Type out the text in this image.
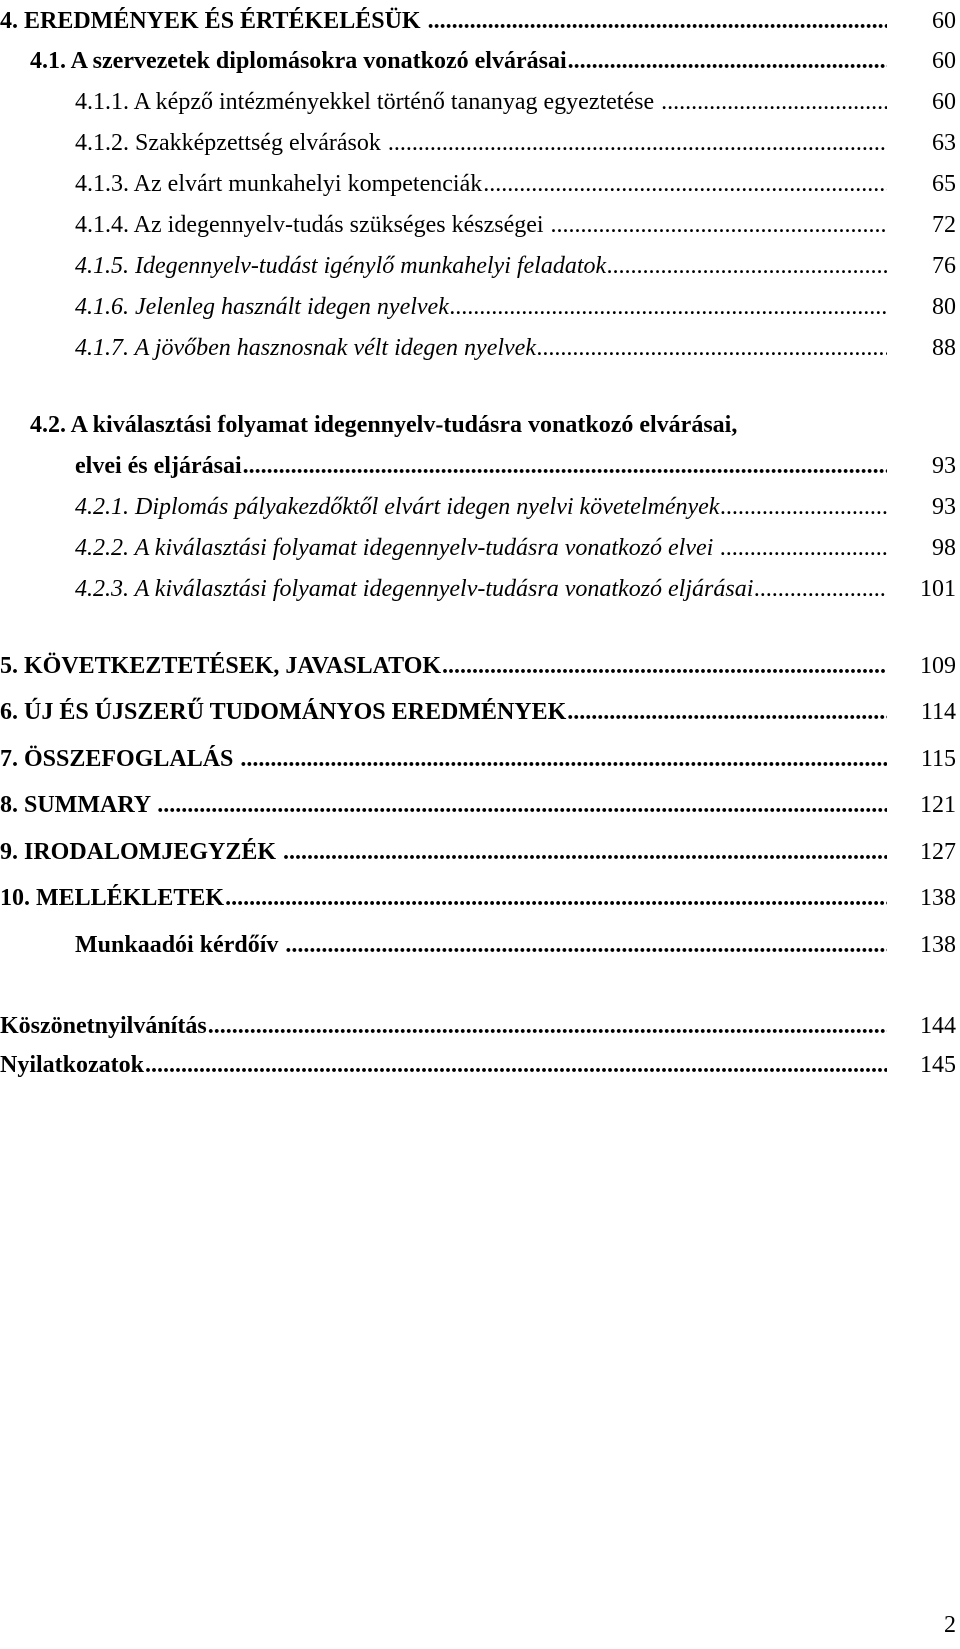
4. EREDMÉNYEK ÉS ÉRTÉKELÉSÜK .....	60
4.1. A szervezetek diplomásokra vonatkozó elvárásai .....	60
4.1.1. A képző intézményekkel történő tananyag egyeztetése .....	60
4.1.2. Szakképzettség elvárások .....	63
4.1.3. Az elvárt munkahelyi kompetenciák .....	65
4.1.4. Az idegennyelv-tudás szükséges készségei .....	72
4.1.5. Idegennyelv-tudást igénylő munkahelyi feladatok .....	76
4.1.6. Jelenleg használt idegen nyelvek .....	80
4.1.7. A jövőben hasznosnak vélt idegen nyelvek .....	88
4.2. A kiválasztási folyamat idegennyelv-tudásra vonatkozó elvárásai,
elvei és eljárásai .....	93
4.2.1. Diplomás pályakezdőktől elvárt idegen nyelvi követelmények .....	93
4.2.2. A kiválasztási folyamat idegennyelv-tudásra vonatkozó elvei .....	98
4.2.3. A kiválasztási folyamat idegennyelv-tudásra vonatkozó eljárásai .....	101
5. KÖVETKEZTETÉSEK, JAVASLATOK .....	109
6. ÚJ ÉS ÚJSZERŰ TUDOMÁNYOS EREDMÉNYEK .....	114
7. ÖSSZEFOGLALÁS .....	115
8. SUMMARY .....	121
9. IRODALOMJEGYZÉK .....	127
10. MELLÉKLETEK .....	138
Munkaadói kérdőív .....	138
Köszönetnyilvánítás .....	144
Nyilatkozatok .....	145
2
